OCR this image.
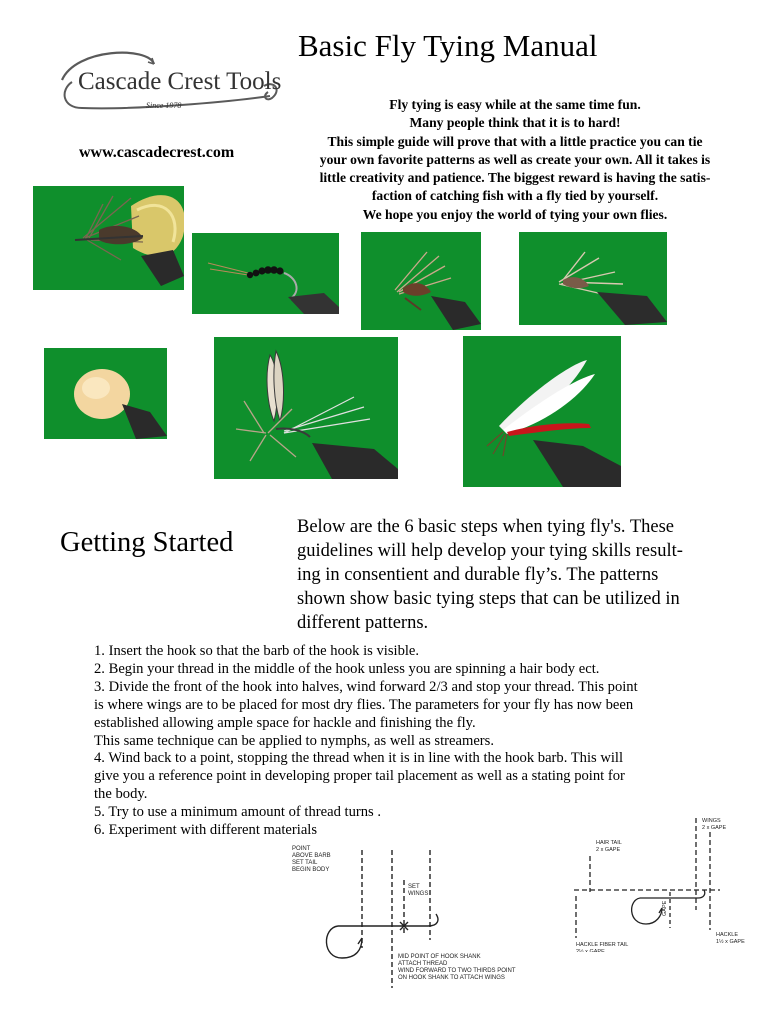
Basic Fly Tying Manual
Cascade Crest Tools
Since 1978
www.cascadecrest.com
Fly tying is easy while at the same time fun.
Many people think that it is to hard!
This simple guide will prove that with a little practice you can tie
your own favorite patterns as well as create your own. All it takes is
little creativity and patience. The biggest reward is having the satis-
faction of catching fish with a fly tied by yourself.
We hope you enjoy the world of tying your own flies.
Getting Started	Below are the 6 basic steps when tying fly's. These
guidelines will help develop your tying skills result-
ing in consentient and durable fly’s. The patterns
shown show basic tying steps that can be utilized in
different patterns.
1. Insert the hook so that the barb of the hook is visible.
2. Begin your thread in the middle of the hook unless you are spinning a hair body ect.
3. Divide the front of the hook into halves, wind forward 2/3 and stop your thread. This point
is where wings are to be placed for most dry flies. The parameters for your fly has now been
established allowing ample space for hackle and finishing the fly.
This same technique can be applied to nymphs, as well as streamers.
4. Wind back to a point, stopping the thread when it is in line with the hook barb. This will
give you a reference point in developing proper tail placement as well as a stating point for
the body.
5. Try to use a minimum amount of thread turns .
6. Experiment with different materials
POINT
ABOVE BARB
SET TAIL
BEGIN BODY
SET
WINGS
MID POINT OF HOOK SHANK
ATTACH THREAD
WIND FORWARD TO TWO THIRDS POINT
ON HOOK SHANK TO ATTACH WINGS
WINGS
2 x GAPE
HAIR TAIL
2 x GAPE
HACKLE FIBER TAIL
2½ x GAPE
HACKLE
1½ x GAPE
GAPE
